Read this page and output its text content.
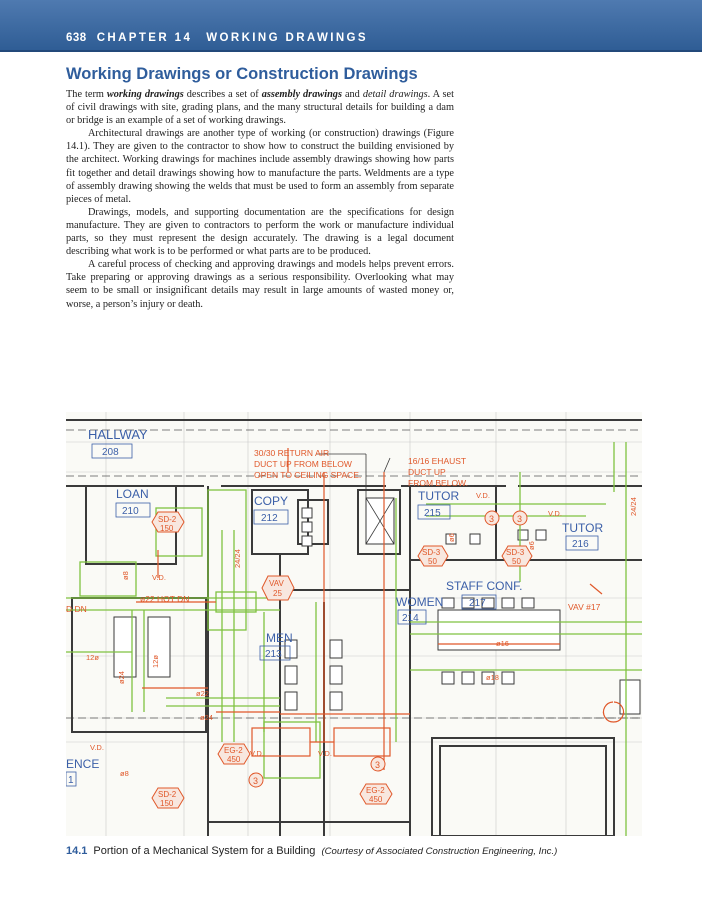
638 CHAPTER 14 WORKING DRAWINGS
Working Drawings or Construction Drawings

The term working drawings describes a set of assembly drawings and detail drawings. A set of civil drawings with site, grading plans, and the many structural details for building a dam or bridge is an example of a set of working drawings.

Architectural drawings are another type of working (or construction) drawings (Figure 14.1). They are given to the contractor to show how to construct the building envisioned by the architect. Working drawings for machines include assembly drawings showing how parts fit together and detail drawings showing how to manufacture the parts. Weldments are a type of assembly drawing showing the welds that must be used to form an assembly from separate pieces of metal.

Drawings, models, and supporting documentation are the specifications for design manufacture. They are given to contractors to perform the work or manufacture individual parts, so they must represent the design accurately. The drawing is a legal document describing what work is to be performed or what parts are to be produced.

A careful process of checking and approving drawings and models helps prevent errors. Take preparing or approving drawings as a serious responsibility. Overlooking what may seem to be small or insignificant details may result in large amounts of wasted money or, worse, a person’s injury or death.

HALLWAY
208
LOAN
210
COPY
212
TUTOR
215
TUTOR
216
STAFF CONF.
217
WOMEN
214
MEN
213
ENCE
1
30/30 RETURN AIR
DUCT UP FROM BELOW
OPEN TO CEILING SPACE.
16/16 EHAUST
DUCT UP
FROM BELOW.
ø22 HOT DN
D DN	VAV #17
SD-2
150
SD-3
50
SD-3
50
VAV
25
EG-2
450
EG-2
450
SD-2
150
3	3
3
3
ø8
24/24
24/24
12ø	12ø
ø24
ø22
ø24
ø8
ø16
ø18
ø6
ø6
V.D.
V.D.
V.D.
V.D.
V.D.	V.D.
14.1 Portion of a Mechanical System for a Building (Courtesy of Associated Construction Engineering, Inc.)
